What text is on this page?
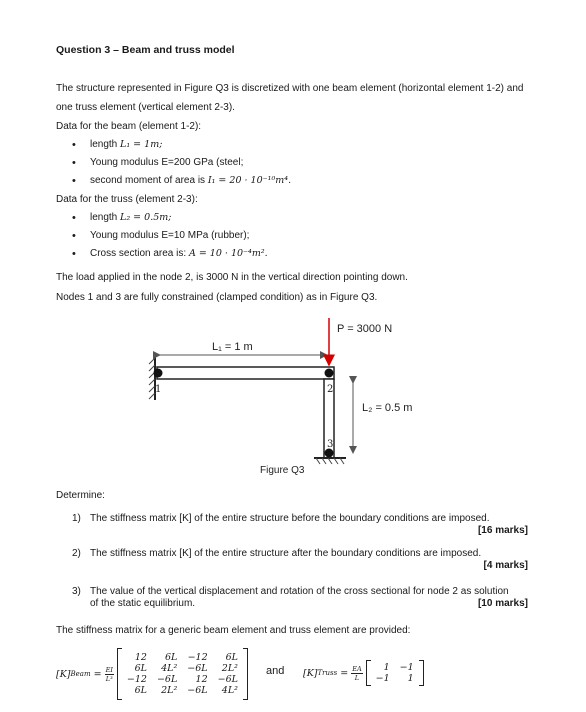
Question 3 – Beam and truss model
The structure represented in Figure Q3 is discretized with one beam element (horizontal element 1-2) and one truss element (vertical element 2-3).
Data for the beam (element 1-2):
• length L₁ = 1m;
• Young modulus E=200 GPa (steel;
• second moment of area is I₁ = 20 · 10⁻¹⁰m⁴.
Data for the truss (element 2-3):
• length L₂ = 0.5m;
• Young modulus E=10 MPa (rubber);
• Cross section area is: A = 10 · 10⁻⁴m².
The load applied in the node 2, is 3000 N in the vertical direction pointing down.
Nodes 1 and 3 are fully constrained (clamped condition) as in Figure Q3.
1	2
3
L₁ = 1 m
L₂ = 0.5 m
P = 3000 N
Figure Q3
Determine:
1) The stiffness matrix [K] of the entire structure before the boundary conditions are imposed.
[16 marks]
2) The stiffness matrix [K] of the entire structure after the boundary conditions are imposed.
[4 marks]
3) The value of the vertical displacement and rotation of the cross sectional for node 2 as solution of the static equilibrium.	[10 marks]
The stiffness matrix for a generic beam element and truss element are provided:
[K] Beam = $\frac{EI}{\text{L³}}$
12	6L	−12	6L
6L	4L²	−6L	2L²
−12	−6L	12	−6L
6L	2L²	−6L	4L²
and [K] Truss = $\frac{EA}{L} 1$	−1
−1	1
